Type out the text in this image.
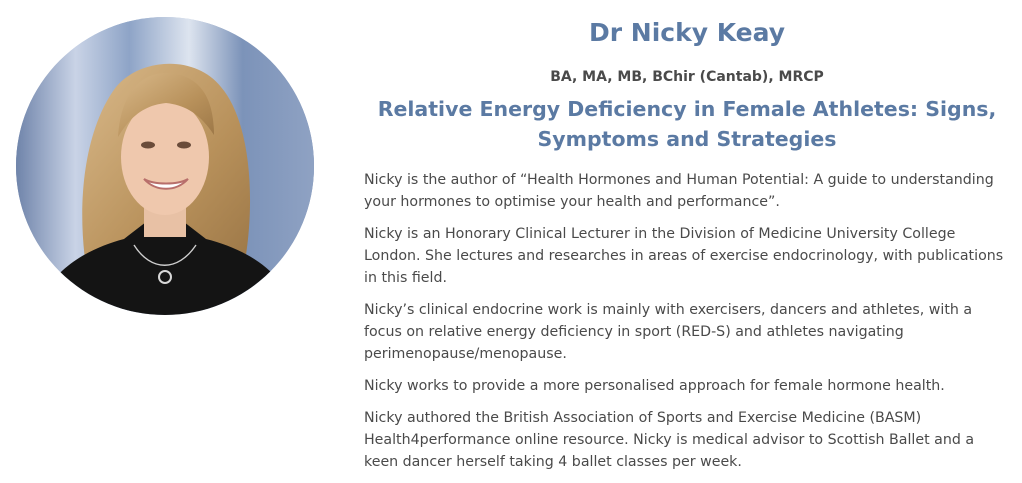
Dr Nicky Keay
BA, MA, MB, BChir (Cantab), MRCP
Relative Energy Deficiency in Female Athletes: Signs, Symptoms and Strategies

Nicky is the author of “Health Hormones and Human Potential: A guide to understanding your hormones to optimise your health and performance”.

Nicky is an Honorary Clinical Lecturer in the Division of Medicine University College London. She lectures and researches in areas of exercise endocrinology, with publications in this field.

Nicky’s clinical endocrine work is mainly with exercisers, dancers and athletes, with a focus on relative energy deficiency in sport (RED-S) and athletes navigating perimenopause/menopause.

Nicky works to provide a more personalised approach for female hormone health.

Nicky authored the British Association of Sports and Exercise Medicine (BASM) Health4performance online resource. Nicky is medical advisor to Scottish Ballet and a keen dancer herself taking 4 ballet classes per week.
